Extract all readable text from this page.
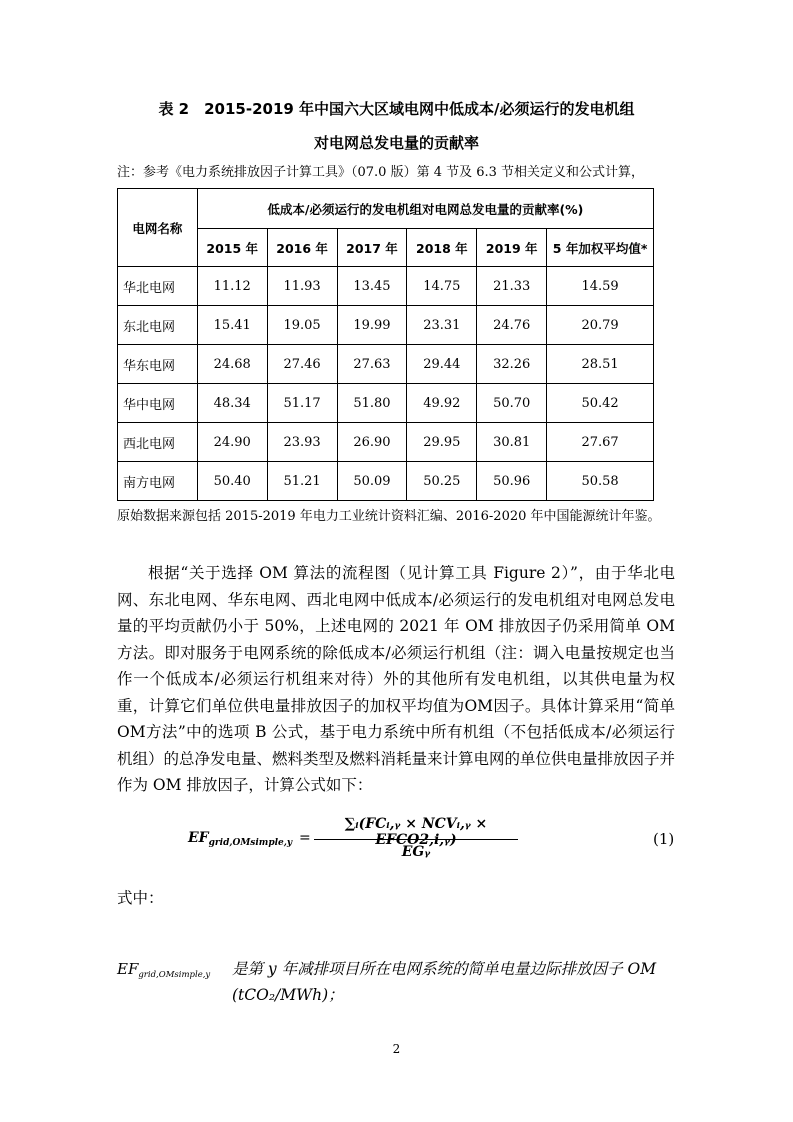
表 2　2015-2019 年中国六大区域电网中低成本/必须运行的发电机组
对电网总发电量的贡献率
注：参考《电力系统排放因子计算工具》（07.0 版）第 4 节及 6.3 节相关定义和公式计算，
电网名称	低成本/必须运行的发电机组对电网总发电量的贡献率(%)					
	2015 年	2016 年	2017 年	2018 年	2019 年	5 年加权平均值*
华北电网	11.12	11.93	13.45	14.75	21.33	14.59
东北电网	15.41	19.05	19.99	23.31	24.76	20.79
华东电网	24.68	27.46	27.63	29.44	32.26	28.51
华中电网	48.34	51.17	51.80	49.92	50.70	50.42
西北电网	24.90	23.93	26.90	29.95	30.81	27.67
南方电网	50.40	51.21	50.09	50.25	50.96	50.58
原始数据来源包括 2015-2019 年电力工业统计资料汇编、2016-2020 年中国能源统计年鉴。

根据“关于选择 OM 算法的流程图（见计算工具 Figure 2）”，由于华北电网、东北电网、华东电网、西北电网中低成本/必须运行的发电机组对电网总发电量的平均贡献仍小于 50%，上述电网的 2021 年 OM 排放因子仍采用简单 OM 方法。即对服务于电网系统的除低成本/必须运行机组（注：调入电量按规定也当作一个低成本/必须运行机组来对待）外的其他所有发电机组，以其供电量为权重，计算它们单位供电量排放因子的加权平均值为OM因子。具体计算采用“简单OM方法”中的选项 B 公式，基于电力系统中所有机组（不包括低成本/必须运行机组）的总净发电量、燃料类型及燃料消耗量来计算电网的单位供电量排放因子并作为 OM 排放因子，计算公式如下：

$EF_{grid,OMsimple,y}$ =
∑ᵢ(FCᵢ,ᵧ × NCVᵢ,ᵧ × EFCO2,i,ᵧ)
EGᵧ
(1)
式中：
$EF_{grid,OMsimple,y}$ 是第 y 年减排项目所在电网系统的简单电量边际排放因子 OM
(tCO₂/MWh)；
2
